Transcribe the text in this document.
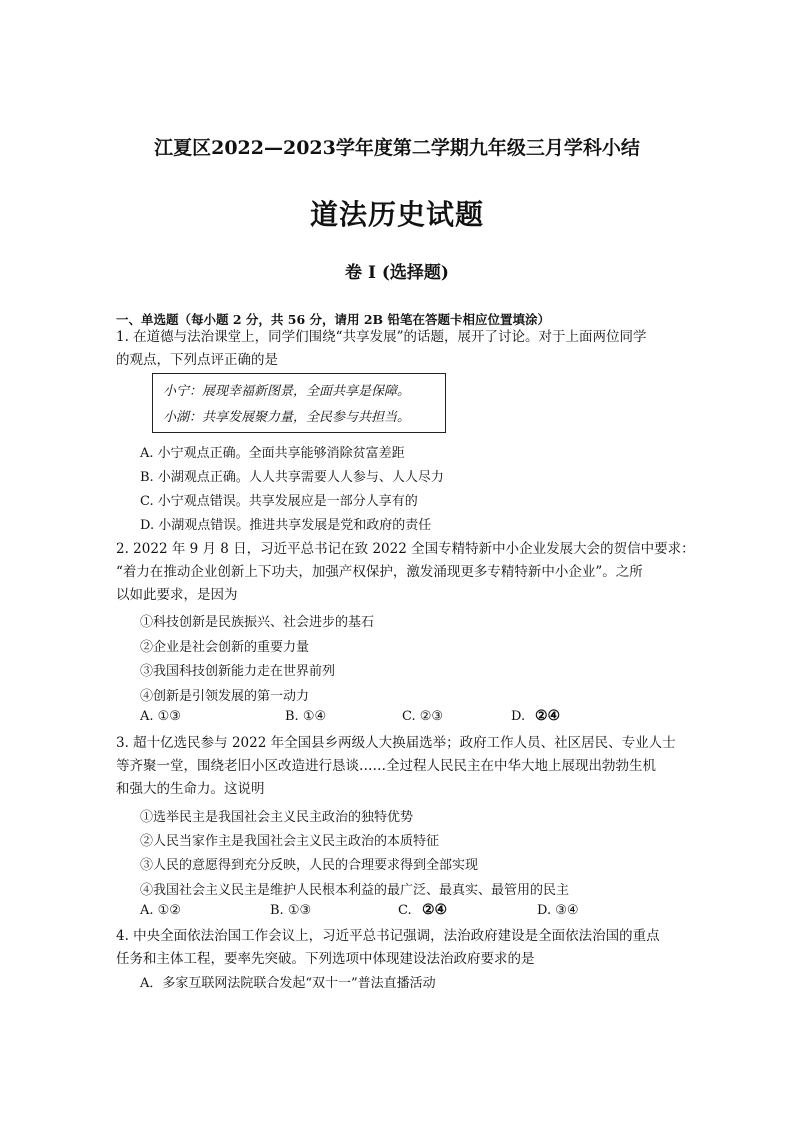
江夏区2022—2023学年度第二学期九年级三月学科小结
道法历史试题
卷 I (选择题)
一、单选题（每小题 2 分，共 56 分，请用 2B 铅笔在答题卡相应位置填涂）
1. 在道德与法治课堂上，同学们围绕“共享发展”的话题，展开了讨论。对于上面两位同学
的观点，下列点评正确的是
小宁：展现幸福新图景，全面共享是保障。
小湖：共享发展聚力量，全民参与共担当。
A. 小宁观点正确。全面共享能够消除贫富差距
B. 小湖观点正确。人人共享需要人人参与、人人尽力
C. 小宁观点错误。共享发展应是一部分人享有的
D. 小湖观点错误。推进共享发展是党和政府的责任
2. 2022 年 9 月 8 日，习近平总书记在致 2022 全国专精特新中小企业发展大会的贺信中要求：
“着力在推动企业创新上下功夫，加强产权保护，激发涌现更多专精特新中小企业”。之所
以如此要求，是因为
①科技创新是民族振兴、社会进步的基石
②企业是社会创新的重要力量
③我国科技创新能力走在世界前列
④创新是引领发展的第一动力
A. ①③	B. ①④	C. ②③	D. ②④
3. 超十亿选民参与 2022 年全国县乡两级人大换届选举；政府工作人员、社区居民、专业人士
等齐聚一堂，围绕老旧小区改造进行恳谈……全过程人民民主在中华大地上展现出勃勃生机
和强大的生命力。这说明
①选举民主是我国社会主义民主政治的独特优势
②人民当家作主是我国社会主义民主政治的本质特征
③人民的意愿得到充分反映，人民的合理要求得到全部实现
④我国社会主义民主是维护人民根本利益的最广泛、最真实、最管用的民主
A. ①②	B. ①③	C. ②④	D. ③④
4. 中央全面依法治国工作会议上，习近平总书记强调，法治政府建设是全面依法治国的重点
任务和主体工程，要率先突破。下列选项中体现建设法治政府要求的是
A．多家互联网法院联合发起“双十一”普法直播活动
